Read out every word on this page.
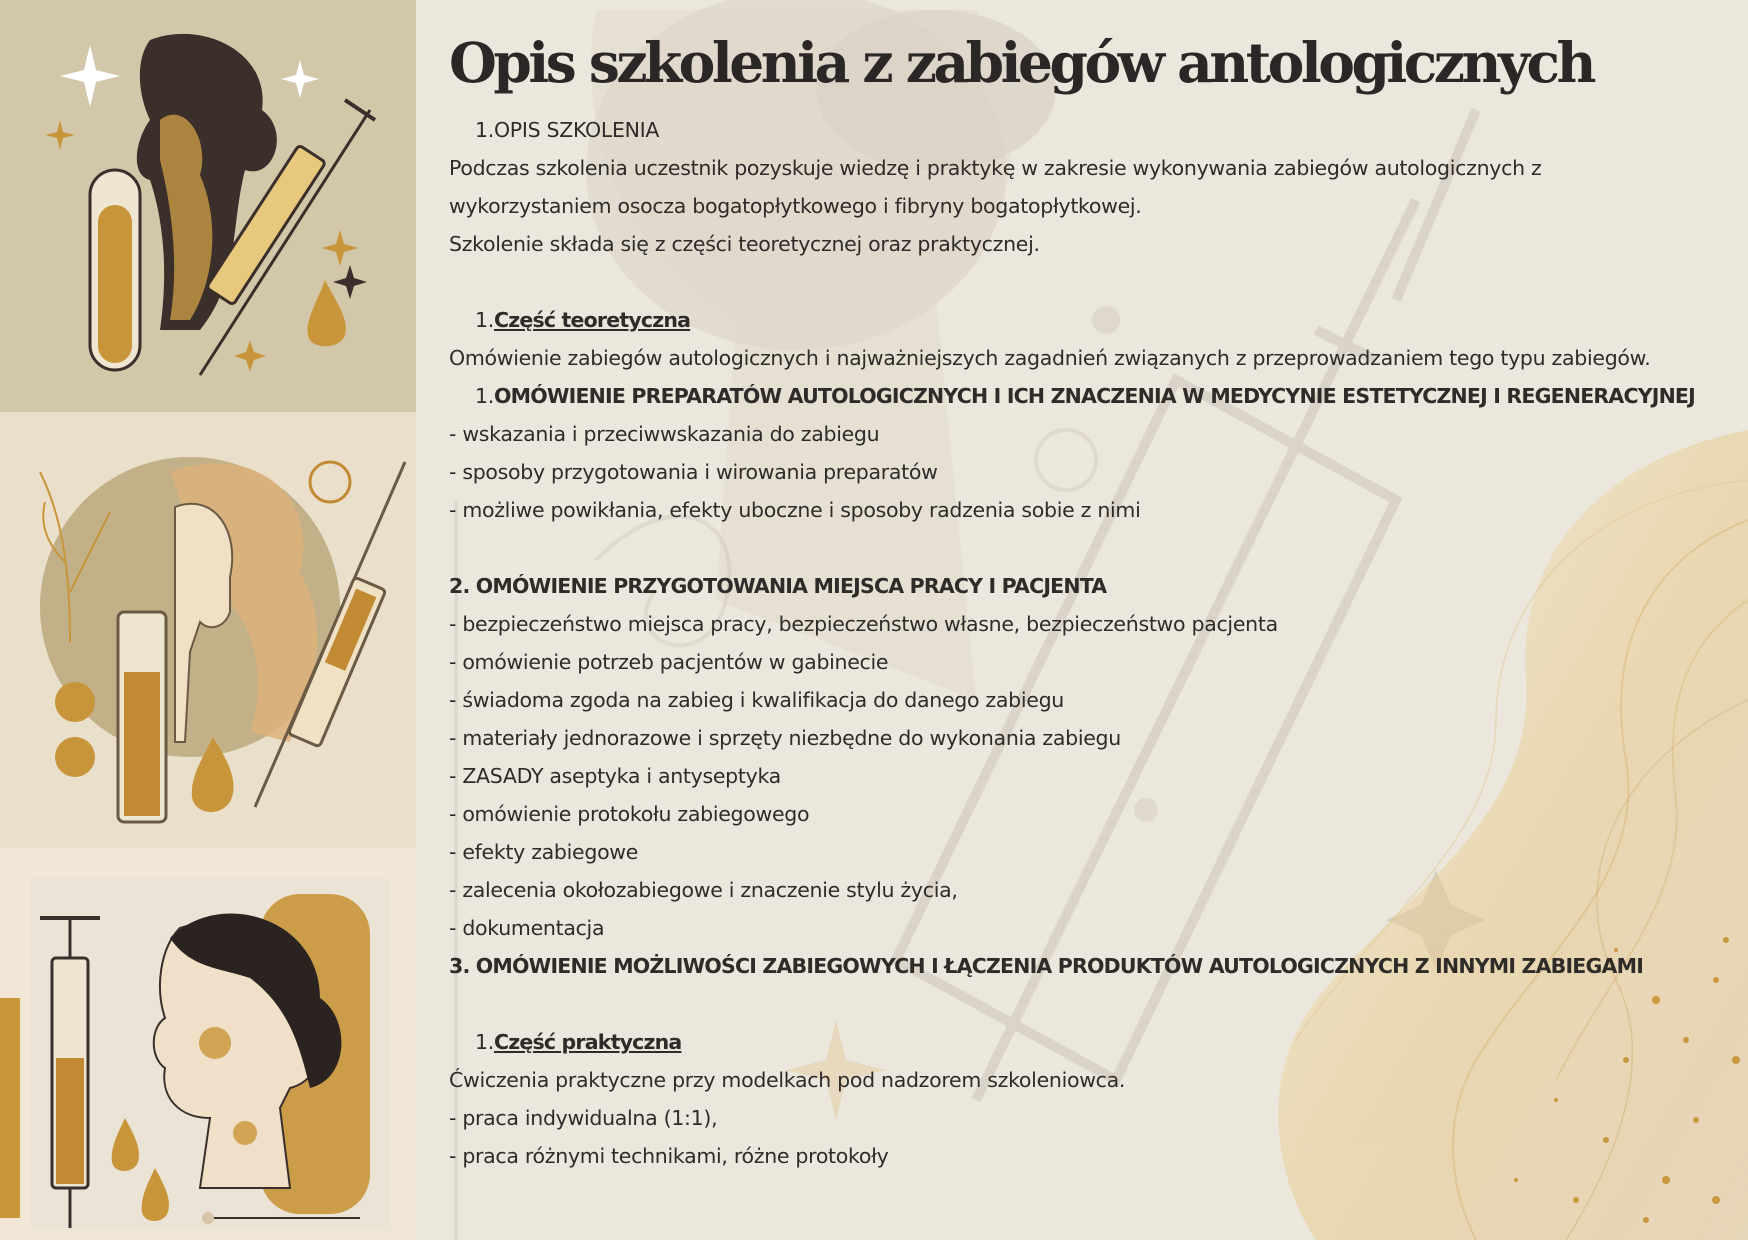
Opis szkolenia z zabiegów antologicznych
1.OPIS SZKOLENIA
Podczas szkolenia uczestnik pozyskuje wiedzę i praktykę w zakresie wykonywania zabiegów autologicznych z
wykorzystaniem osocza bogatopłytkowego i fibryny bogatopłytkowej.
Szkolenie składa się z części teoretycznej oraz praktycznej.
1.Część teoretyczna
Omówienie zabiegów autologicznych i najważniejszych zagadnień związanych z przeprowadzaniem tego typu zabiegów.
1.OMÓWIENIE PREPARATÓW AUTOLOGICZNYCH I ICH ZNACZENIA W MEDYCYNIE ESTETYCZNEJ I REGENERACYJNEJ
- wskazania i przeciwwskazania do zabiegu
- sposoby przygotowania i wirowania preparatów
- możliwe powikłania, efekty uboczne i sposoby radzenia sobie z nimi
2. OMÓWIENIE PRZYGOTOWANIA MIEJSCA PRACY I PACJENTA
- bezpieczeństwo miejsca pracy, bezpieczeństwo własne, bezpieczeństwo pacjenta
- omówienie potrzeb pacjentów w gabinecie
- świadoma zgoda na zabieg i kwalifikacja do danego zabiegu
- materiały jednorazowe i sprzęty niezbędne do wykonania zabiegu
- ZASADY aseptyka i antyseptyka
- omówienie protokołu zabiegowego
- efekty zabiegowe
- zalecenia okołozabiegowe i znaczenie stylu życia,
- dokumentacja
3. OMÓWIENIE MOŻLIWOŚCI ZABIEGOWYCH I ŁĄCZENIA PRODUKTÓW AUTOLOGICZNYCH Z INNYMI ZABIEGAMI
1.Część praktyczna
Ćwiczenia praktyczne przy modelkach pod nadzorem szkoleniowca.
- praca indywidualna (1:1),
- praca różnymi technikami, różne protokoły
